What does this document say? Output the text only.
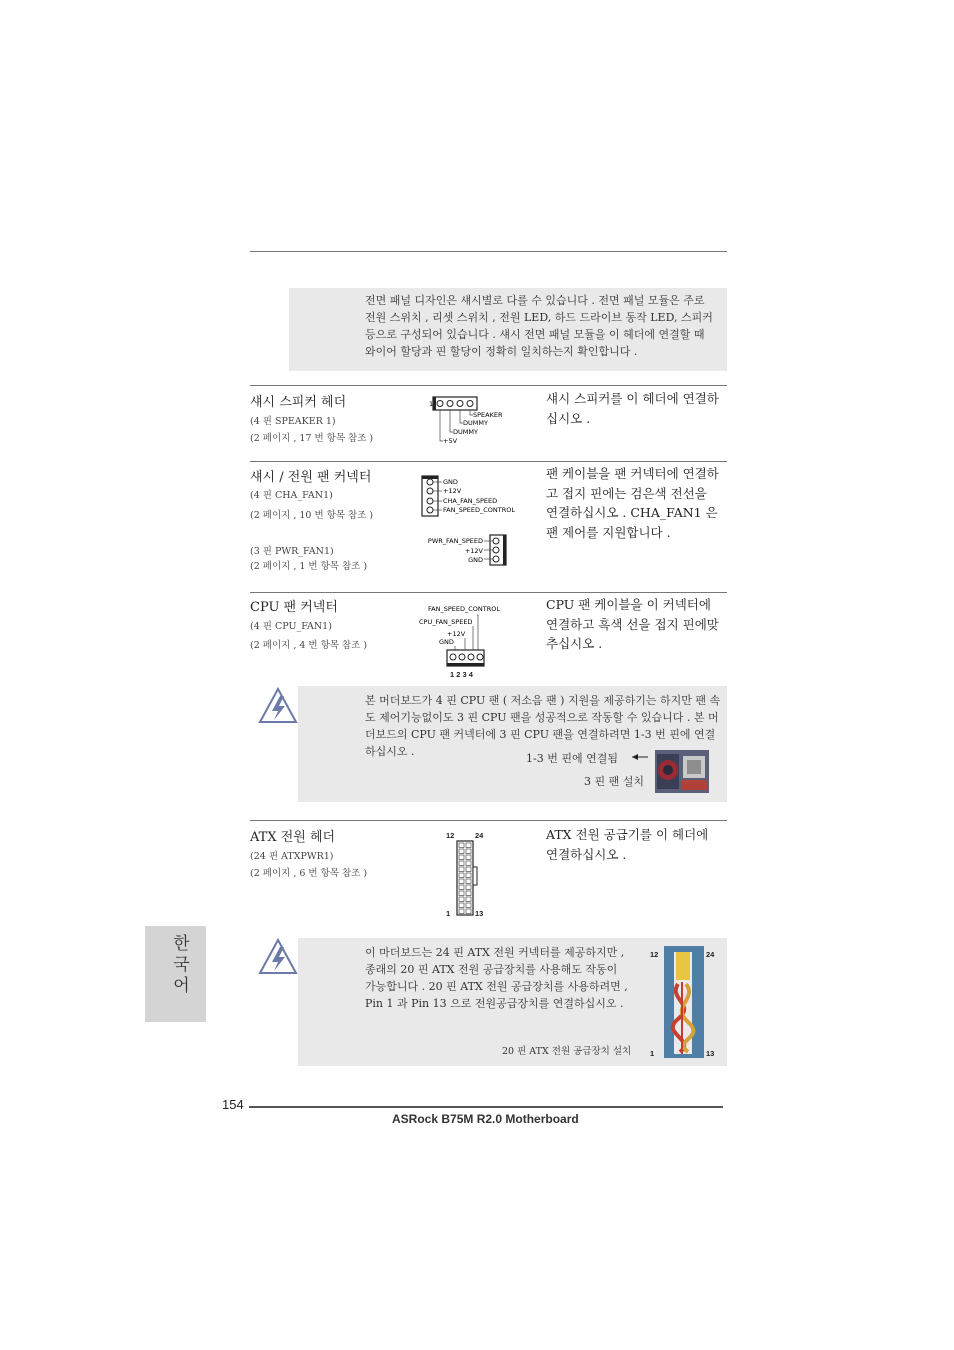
전면 패널 디자인은 섀시별로 다를 수 있습니다 . 전면 패널 모듈은 주로
전원 스위치 , 리셋 스위치 , 전원 LED, 하드 드라이브 동작 LED, 스피커
등으로 구성되어 있습니다 . 섀시 전면 패널 모듈을 이 헤더에 연결할 때
와이어 할당과 핀 할당이 정확히 일치하는지 확인합니다 .
섀시 스피커 헤더
(4 핀 SPEAKER 1)
(2 페이지 , 17 번 항목 참조 )
섀시 스피커를 이 헤더에 연결하
십시오 .
1
SPEAKER
DUMMY
DUMMY
+5V
섀시 / 전원 팬 커넥터
(4 핀 CHA_FAN1)
(2 페이지 , 10 번 항목 참조 )
(3 핀 PWR_FAN1)
(2 페이지 , 1 번 항목 참조 )
팬 케이블을 팬 커넥터에 연결하
고 접지 핀에는 검은색 전선을
연결하십시오 . CHA_FAN1 은
팬 제어를 지원합니다 .
GND
+12V
CHA_FAN_SPEED
FAN_SPEED_CONTROL
PWR_FAN_SPEED
+12V
GND
CPU 팬 커넥터
(4 핀 CPU_FAN1)
(2 페이지 , 4 번 항목 참조 )
CPU 팬 케이블을 이 커넥터에
연결하고 흑색 선을 접지 핀에맞
추십시오 .
FAN_SPEED_CONTROL
CPU_FAN_SPEED
+12V
GND
1 2 3 4
본 머더보드가 4 핀 CPU 팬 ( 저소음 팬 ) 지원을 제공하기는 하지만 팬 속
도 제어기능없이도 3 핀 CPU 팬을 성공적으로 작동할 수 있습니다 . 본 머
더보드의 CPU 팬 커넥터에 3 핀 CPU 팬을 연결하려면 1-3 번 핀에 연결
하십시오 .
1-3 번 핀에 연결됨
3 핀 팬 설치
ATX 전원 헤더
(24 핀 ATXPWR1)
(2 페이지 , 6 번 항목 참조 )
ATX 전원 공급기를 이 헤더에
연결하십시오 .
12	24
1	13
이 마더보드는 24 핀 ATX 전원 커넥터를 제공하지만 ,
종래의 20 핀 ATX 전원 공급장치를 사용해도 작동이
가능합니다 . 20 핀 ATX 전원 공급장치를 사용하려면 ,
Pin 1 과 Pin 13 으로 전원공급장치를 연결하십시오 .
20 핀 ATX 전원 공급장치 설치
12	24
1	13
한국어
154
ASRock B75M R2.0 Motherboard
